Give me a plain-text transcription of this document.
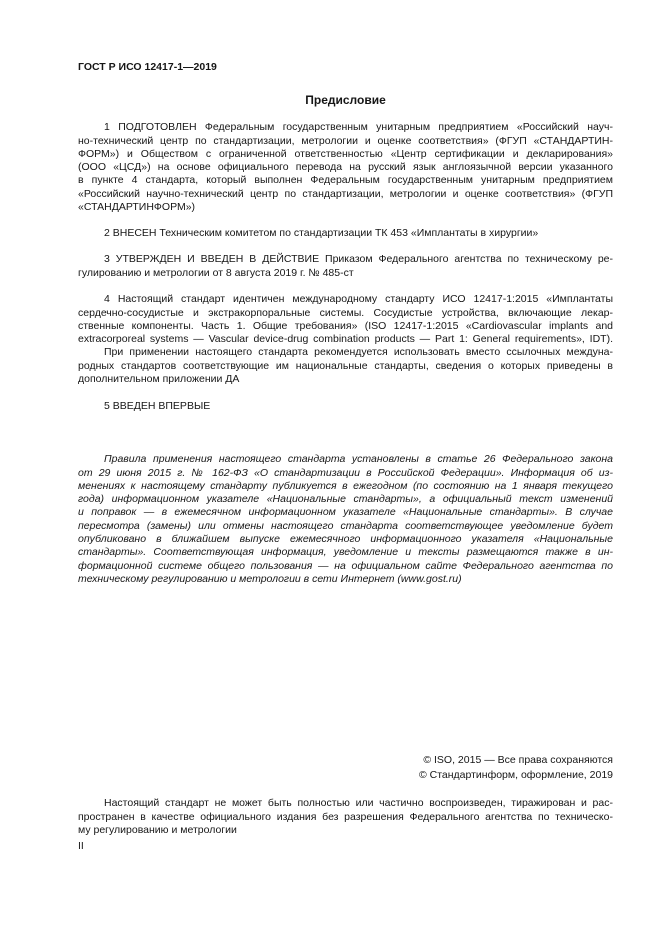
ГОСТ Р ИСО 12417-1—2019
Предисловие
1 ПОДГОТОВЛЕН Федеральным государственным унитарным предприятием «Российский науч-
но-технический центр по стандартизации, метрологии и оценке соответствия» (ФГУП «СТАНДАРТИН-
ФОРМ») и Обществом с ограниченной ответственностью «Центр сертификации и декларирования»
(ООО «ЦСД») на основе официального перевода на русский язык англоязычной версии указанного
в пункте 4 стандарта, который выполнен Федеральным государственным унитарным предприятием
«Российский научно-технический центр по стандартизации, метрологии и оценке соответствия» (ФГУП
«СТАНДАРТИНФОРМ»)
2 ВНЕСЕН Техническим комитетом по стандартизации ТК 453 «Имплантаты в хирургии»
3 УТВЕРЖДЕН И ВВЕДЕН В ДЕЙСТВИЕ Приказом Федерального агентства по техническому ре-
гулированию и метрологии от 8 августа 2019 г. № 485-ст
4 Настоящий стандарт идентичен международному стандарту ИСО 12417-1:2015 «Имплантаты
сердечно-сосудистые и экстракорпоральные системы. Сосудистые устройства, включающие лекар-
ственные компоненты. Часть 1. Общие требования» (ISO 12417-1:2015 «Cardiovascular implants and
extracorporeal systems — Vascular device-drug combination products — Part 1: General requirements», IDT).
При применении настоящего стандарта рекомендуется использовать вместо ссылочных междуна-
родных стандартов соответствующие им национальные стандарты, сведения о которых приведены в
дополнительном приложении ДА
5 ВВЕДЕН ВПЕРВЫЕ
Правила применения настоящего стандарта установлены в статье 26 Федерального закона
от 29 июня 2015 г. № 162-ФЗ «О стандартизации в Российской Федерации». Информация об из-
менениях к настоящему стандарту публикуется в ежегодном (по состоянию на 1 января текущего
года) информационном указателе «Национальные стандарты», а официальный текст изменений
и поправок — в ежемесячном информационном указателе «Национальные стандарты». В случае
пересмотра (замены) или отмены настоящего стандарта соответствующее уведомление будет
опубликовано в ближайшем выпуске ежемесячного информационного указателя «Национальные
стандарты». Соответствующая информация, уведомление и тексты размещаются также в ин-
формационной системе общего пользования — на официальном сайте Федерального агентства по
техническому регулированию и метрологии в сети Интернет (www.gost.ru)
© ISO, 2015 — Все права сохраняются
© Стандартинформ, оформление, 2019
Настоящий стандарт не может быть полностью или частично воспроизведен, тиражирован и рас-
пространен в качестве официального издания без разрешения Федерального агентства по техническо-
му регулированию и метрологии
II
